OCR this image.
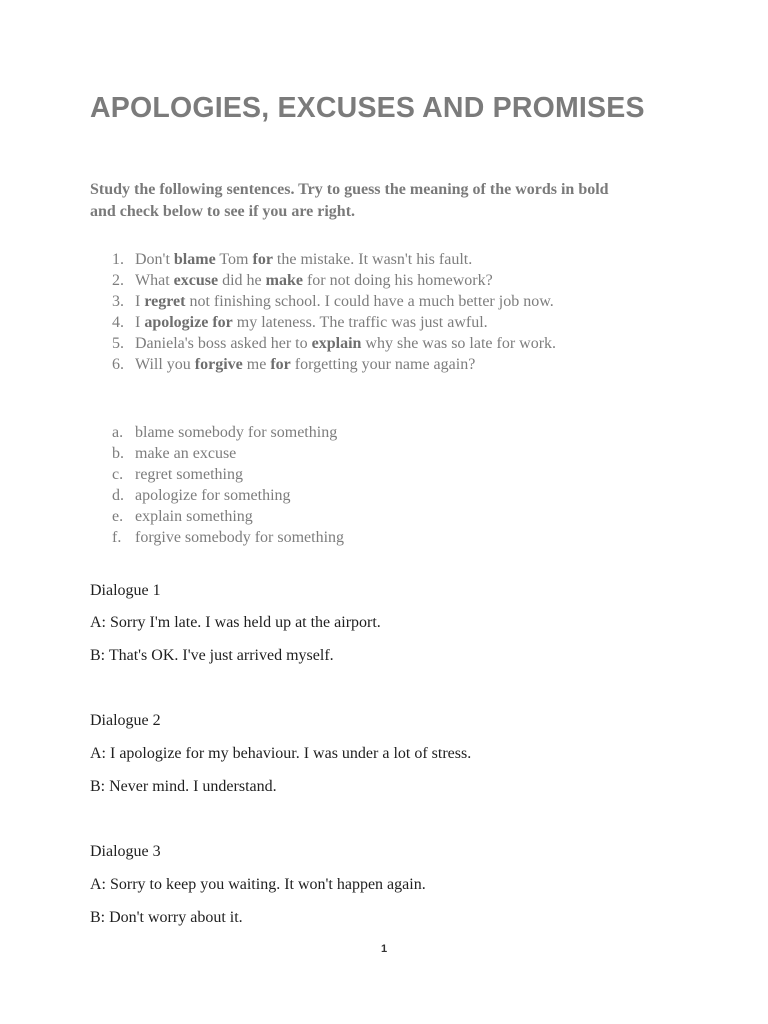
APOLOGIES, EXCUSES AND PROMISES

Study the following sentences. Try to guess the meaning of the words in bold
and check below to see if you are right.

1. Don't blame Tom for the mistake. It wasn't his fault.
2. What excuse did he make for not doing his homework?
3. I regret not finishing school. I could have a much better job now.
4. I apologize for my lateness. The traffic was just awful.
5. Daniela's boss asked her to explain why she was so late for work.
6. Will you forgive me for forgetting your name again?
a. blame somebody for something
b. make an excuse
c. regret something
d. apologize for something
e. explain something
f. forgive somebody for something

Dialogue 1

A: Sorry I'm late. I was held up at the airport.

B: That's OK. I've just arrived myself.

Dialogue 2

A: I apologize for my behaviour. I was under a lot of stress.

B: Never mind. I understand.

Dialogue 3

A: Sorry to keep you waiting. It won't happen again.

B: Don't worry about it.

1
